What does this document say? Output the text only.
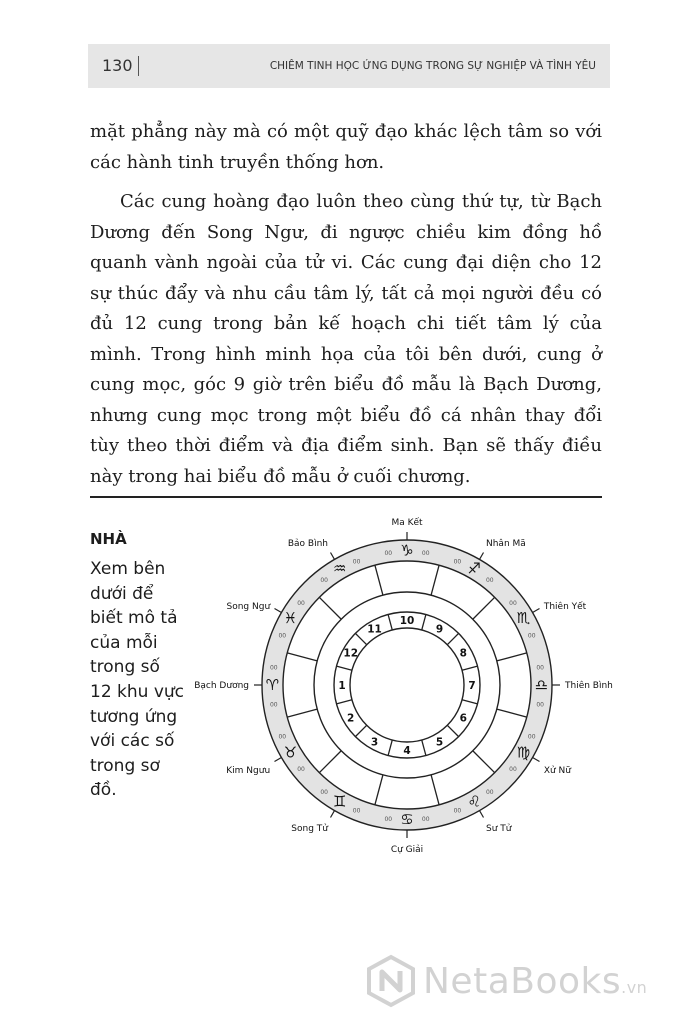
130	CHIÊM TINH HỌC ỨNG DỤNG TRONG SỰ NGHIỆP VÀ TÌNH YÊU

mặt phẳng này mà có một quỹ đạo khác lệch tâm so với các hành tinh truyền thống hơn.

Các cung hoàng đạo luôn theo cùng thứ tự, từ Bạch Dương đến Song Ngư, đi ngược chiều kim đồng hồ quanh vành ngoài của tử vi. Các cung đại diện cho 12 sự thúc đẩy và nhu cầu tâm lý, tất cả mọi người đều có đủ 12 cung trong bản kế hoạch chi tiết tâm lý của mình. Trong hình minh họa của tôi bên dưới, cung ở cung mọc, góc 9 giờ trên biểu đồ mẫu là Bạch Dương, nhưng cung mọc trong một biểu đồ cá nhân thay đổi tùy theo thời điểm và địa điểm sinh. Bạn sẽ thấy điều này trong hai biểu đồ mẫu ở cuối chương.

NHÀ
Xem bên dưới để biết mô tả của mỗi trong số 12 khu vực tương ứng với các số trong sơ đồ.
♈
00
00
1
Bạch Dương
♉
00
00
2
Kim Ngưu
♊
00
00
3
Song Tử
♋ 00
00
4
Cự Giải
♌ 00
00
5
Sư Tử
♍
00
00
6
Xử Nữ
♎
00
00
7	Thiên Bình
♏
00
00
8
Thiên Yết
♐
00
00
9
Nhân Mã
♑
00	00
10
Ma Kết
♒
00
00
11
Bảo Bình
♓
00
00
12
Song Ngư
NetaBooks.vn
